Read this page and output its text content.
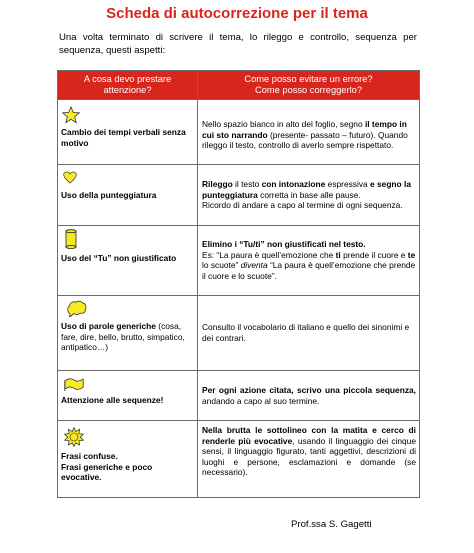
Scheda di autocorrezione per il tema
Una volta terminato di scrivere il tema, lo rileggo e controllo, sequenza per sequenza, questi aspetti:
A cosa devo prestare
attenzione?	Come posso evitare un errore?
Come posso correggerlo?

Cambio dei tempi verbali senza motivo	Nello spazio bianco in alto del foglio, segno il tempo in cui sto narrando (presente- passato – futuro). Quando rileggo il testo, controllo di averlo sempre rispettato.

Uso della punteggiatura	Rileggo il testo con intonazione espressiva e segno la punteggiatura corretta in base alle pause.
Ricordo di andare a capo al termine di ogni sequenza.

Uso del “Tu” non giustificato	Elimino i “Tu/ti” non giustificati nel testo.
Es: “La paura è quell’emozione che ti prende il cuore e te lo scuote” diventa “La paura è quell’emozione che prende il cuore e lo scuote”.

Uso di parole generiche (cosa, fare, dire, bello, brutto, simpatico, antipatico…)	Consulto il vocabolario di italiano e quello dei sinonimi e dei contrari.

Attenzione alle sequenze!	Per ogni azione citata, scrivo una piccola sequenza, andando a capo al suo termine.

Frasi confuse.
Frasi generiche e poco evocative.	Nella brutta le sottolineo con la matita e cerco di renderle più evocative, usando il linguaggio dei cinque sensi, il linguaggio figurato, tanti aggettivi, descrizioni di luoghi e persone, esclamazioni e domande (se necessario).
Prof.ssa S. Gagetti
